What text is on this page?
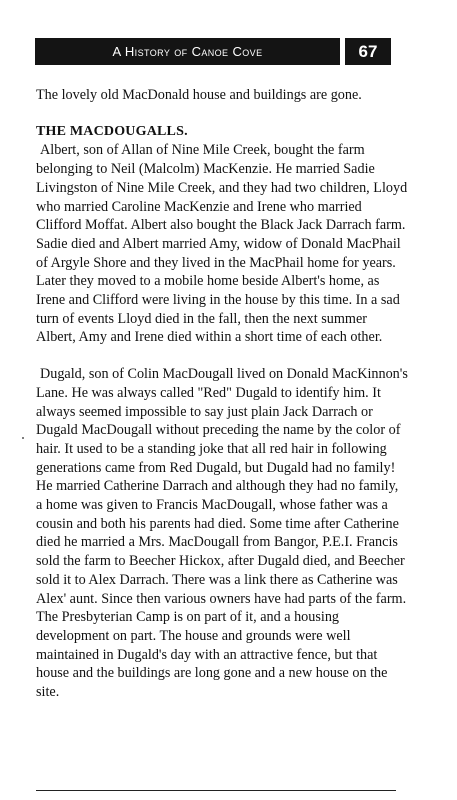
A History of Canoe Cove	67

The lovely old MacDonald house and buildings are gone.

THE MACDOUGALLS.

Albert, son of Allan of Nine Mile Creek, bought the farm belonging to Neil (Malcolm) MacKenzie. He married Sadie Livingston of Nine Mile Creek, and they had two children, Lloyd who married Caroline MacKenzie and Irene who married Clifford Moffat. Albert also bought the Black Jack Darrach farm. Sadie died and Albert married Amy, widow of Donald MacPhail of Argyle Shore and they lived in the MacPhail home for years. Later they moved to a mobile home beside Albert's home, as Irene and Clifford were living in the house by this time. In a sad turn of events Lloyd died in the fall, then the next summer Albert, Amy and Irene died within a short time of each other.

Dugald, son of Colin MacDougall lived on Donald MacKinnon's Lane. He was always called "Red" Dugald to identify him. It always seemed impossible to say just plain Jack Darrach or Dugald MacDougall without preceding the name by the color of hair. It used to be a standing joke that all red hair in following generations came from Red Dugald, but Dugald had no family! He married Catherine Darrach and although they had no family, a home was given to Francis MacDougall, whose father was a cousin and both his parents had died. Some time after Catherine died he married a Mrs. MacDougall from Bangor, P.E.I. Francis sold the farm to Beecher Hickox, after Dugald died, and Beecher sold it to Alex Darrach. There was a link there as Catherine was Alex' aunt. Since then various owners have had parts of the farm. The Presbyterian Camp is on part of it, and a housing development on part. The house and grounds were well maintained in Dugald's day with an attractive fence, but that house and the buildings are long gone and a new house on the site.
